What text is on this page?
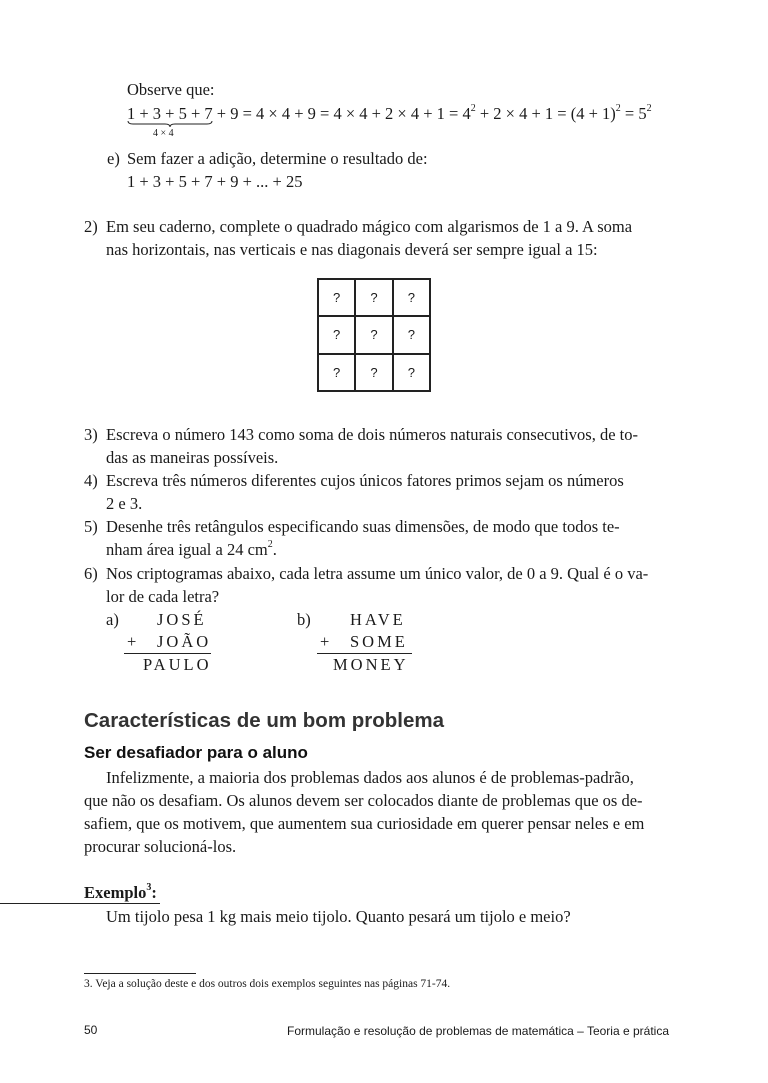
Observe que:
$1 + 3 + 5 + 7 + 9 = 4 \times 4 + 9 = 4 \times 4 + 2 \times 4 + 1 = 4^2 + 2 \times 4 + 1 = (4 + 1)^2 = 5^2$
4 × 4
e) Sem fazer a adição, determine o resultado de:
1 + 3 + 5 + 7 + 9 + ... + 25
2) Em seu caderno, complete o quadrado mágico com algarismos de 1 a 9. A soma
nas horizontais, nas verticais e nas diagonais deverá ser sempre igual a 15:
?	?	?
?	?	?
?	?	?
3) Escreva o número 143 como soma de dois números naturais consecutivos, de to-
das as maneiras possíveis.
4) Escreva três números diferentes cujos únicos fatores primos sejam os números
2 e 3.
5) Desenhe três retângulos especificando suas dimensões, de modo que todos te-
nham área igual a 24 $cm^2$.
6) Nos criptogramas abaixo, cada letra assume um único valor, de 0 a 9. Qual é o va-
lor de cada letra?
a) JOSÉ
+ JOÃO
PAULO
b) HAVE
+ SOME
MONEY
Características de um bom problema
Ser desafiador para o aluno
Infelizmente, a maioria dos problemas dados aos alunos é de problemas-padrão,
que não os desafiam. Os alunos devem ser colocados diante de problemas que os de-
safiem, que os motivem, que aumentem sua curiosidade em querer pensar neles e em
procurar solucioná-los.
Exemplo$^3$:
Um tijolo pesa 1 kg mais meio tijolo. Quanto pesará um tijolo e meio?
3. Veja a solução deste e dos outros dois exemplos seguintes nas páginas 71-74.
50	Formulação e resolução de problemas de matemática – Teoria e prática
